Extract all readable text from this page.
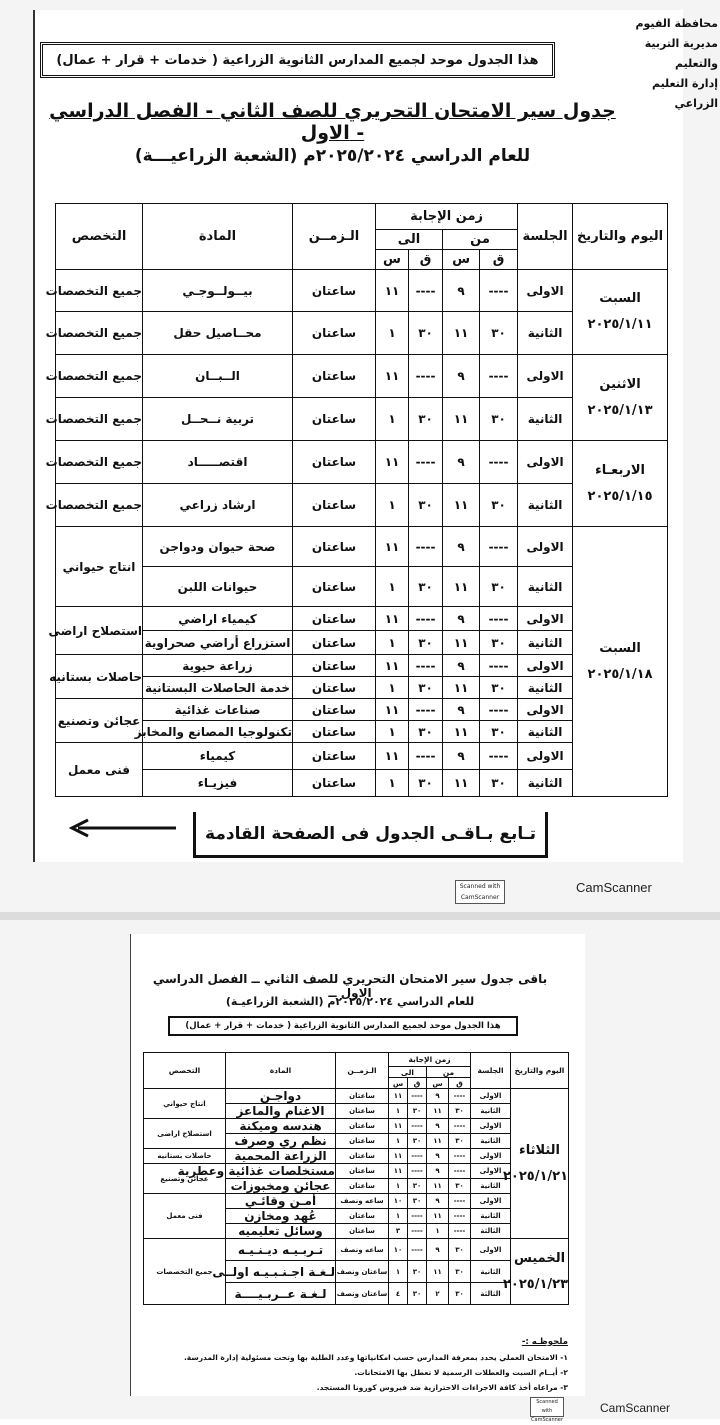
محافظة الفيوم
مديرية التربية والتعليم
إدارة التعليم الزراعي
هذا الجدول موحد لجميع المدارس الثانوية الزراعية ( خدمات + قرار + عمال)
جدول سير الامتحان التحريري للصف الثاني - الفصل الدراسي الاول -
للعام الدراسي ٢٠٢٥/٢٠٢٤م (الشعبة الزراعيـــة)
اليوم والتاريخ	الجلسة	زمن الإجابة				الـزمــن	المادة	التخصص
		من		الى				
		ق	س	ق	س			

السبت
٢٠٢٥/١/١١	الاولى	----	٩	----	١١	ساعتان	بيــولــوجـي	جميع التخصصات
	الثانية	٣٠	١١	٣٠	١	ساعتان	محــاصيل حقل	جميع التخصصات

الاثنين
٢٠٢٥/١/١٣	الاولى	----	٩	----	١١	ساعتان	الــبــان	جميع التخصصات
	الثانية	٣٠	١١	٣٠	١	ساعتان	تربية نــحــل	جميع التخصصات

الاربعـاء
٢٠٢٥/١/١٥	الاولى	----	٩	----	١١	ساعتان	اقتصـــــاد	جميع التخصصات
	الثانية	٣٠	١١	٣٠	١	ساعتان	ارشاد زراعي	جميع التخصصات

السبت
٢٠٢٥/١/١٨	الاولى	----	٩	----	١١	ساعتان	صحة حيوان ودواجن	انتاج حيواني
	الثانية	٣٠	١١	٣٠	١	ساعتان	حيوانات اللبن	
	الاولى	----	٩	----	١١	ساعتان	كيمياء اراضي	استصلاح اراضى
	الثانية	٣٠	١١	٣٠	١	ساعتان	استزراع أراضي صحراوية	
	الاولى	----	٩	----	١١	ساعتان	زراعة حيوية	حاصلات بستانيه
	الثانية	٣٠	١١	٣٠	١	ساعتان	خدمة الحاصلات البستانية	
	الاولى	----	٩	----	١١	ساعتان	صناعات غذائية	عجائن وتصنيع
	الثانية	٣٠	١١	٣٠	١	ساعتان	تكنولوجيا المصانع والمخابز	
	الاولى	----	٩	----	١١	ساعتان	كيمياء	فنى معمل
	الثانية	٣٠	١١	٣٠	١	ساعتان	فيزيـاء	
تـابع بـاقـى الجدول فى الصفحة القادمة
Scanned with CamScanner
CamScanner
باقى جدول سير الامتحان التحريري للصف الثاني ــ الفصل الدراسي الاول ــ
للعام الدراسي ٢٠٢٥/٢٠٢٤م (الشعبة الزراعيـة)
هذا الجدول موحد لجميع المدارس الثانوية الزراعية ( خدمات + قرار + عمال)
اليوم والتاريخ	الجلسة	زمن الإجابة				الـزمــن	المادة	التخصص
		من		الى				
		ق	س	ق	س			

الثلاثاء
٢٠٢٥/١/٢١	الاولى	----	٩	----	١١	ساعتان	دواجـن	انتاج حيواني
	الثانية	٣٠	١١	٣٠	١	ساعتان	الاغنام والماعز	
	الاولى	----	٩	----	١١	ساعتان	هندسه وميكنة	استصلاح اراضى
	الثانية	٣٠	١١	٣٠	١	ساعتان	نظم ري وصرف	
	الاولى	----	٩	----	١١	ساعتان	الزراعة المحمية	حاصلات بستانيه
	الاولى	----	٩	----	١١	ساعتان	مستخلصات غذائية وعطرية	عجائن وتصنيع
	الثانية	٣٠	١١	٣٠	١	ساعتان	عجائن ومخبوزات	
	الاولى	----	٩	٣٠	١٠	ساعه ونصف	أمـن وقائـي	فنى معمل
	الثانية	----	١١	----	١	ساعتان	عُهد ومخازن	
	الثالثة	----	١	----	٣	ساعتان	وسائل تعليميه	

الخميس
٢٠٢٥/١/٢٣	الاولى	٣٠	٩	----	١٠	ساعه ونصف	تـربـيـه ديـنـيـه	جميع التخصصات
	الثانية	٣٠	١١	٣٠	١	ساعتان ونصف	لـغـة اجـنـبـيـه اولــى	
	الثالثة	٣٠	٢	٣٠	٤	ساعتان ونصف	لـغـة عــربـيــــة	
ملحوظـه :-
١- الامتحان العملي يحدد بمعرفة المدارس حسب امكانياتها وعدد الطلبة بها وتحت مسئولية إدارة المدرسة.
٢- أيــام السبت والعطلات الرسمية لا تعطل بها الامتحانات.
٣- مراعاه أخذ كافة الاجراءات الاحترازية ضد فيروس كورونا المستجد.
Scanned with CamScanner
CamScanner
